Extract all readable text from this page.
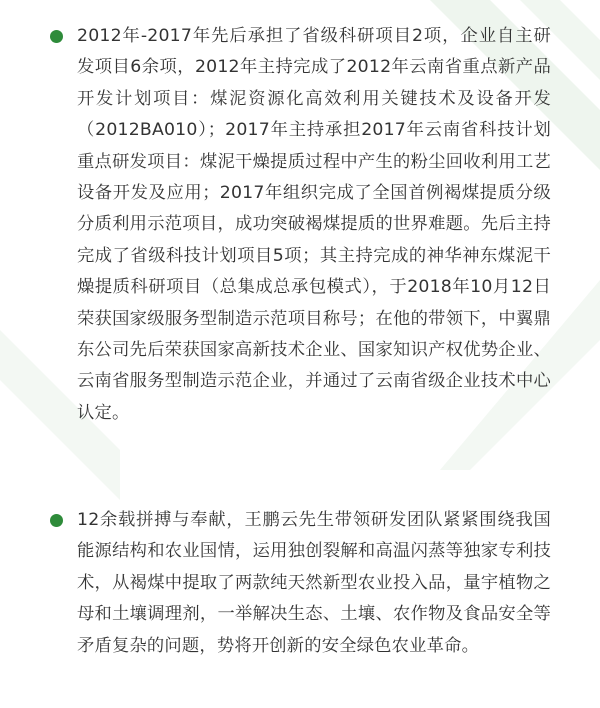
2012年-2017年先后承担了省级科研项目2项，企业自主研发项目6余项，2012年主持完成了2012年云南省重点新产品开发计划项目：煤泥资源化高效利用关键技术及设备开发（2012BA010）；2017年主持承担2017年云南省科技计划重点研发项目：煤泥干燥提质过程中产生的粉尘回收利用工艺设备开发及应用；2017年组织完成了全国首例褐煤提质分级分质利用示范项目，成功突破褐煤提质的世界难题。先后主持完成了省级科技计划项目5项；其主持完成的神华神东煤泥干燥提质科研项目（总集成总承包模式），于2018年10月12日荣获国家级服务型制造示范项目称号；在他的带领下，中翼鼎东公司先后荣获国家高新技术企业、国家知识产权优势企业、云南省服务型制造示范企业，并通过了云南省级企业技术中心认定。

12余载拼搏与奉献，王鹏云先生带领研发团队紧紧围绕我国能源结构和农业国情，运用独创裂解和高温闪蒸等独家专利技术，从褐煤中提取了两款纯天然新型农业投入品，量宇植物之母和土壤调理剂，一举解决生态、土壤、农作物及食品安全等矛盾复杂的问题，势将开创新的安全绿色农业革命。
